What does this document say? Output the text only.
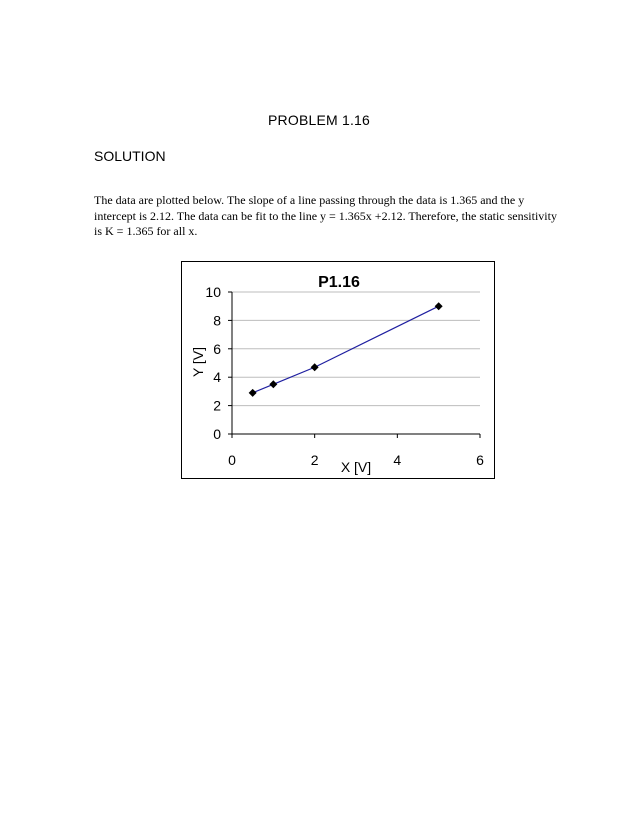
PROBLEM 1.16
SOLUTION
The data are plotted below. The slope of a line passing through the data is 1.365 and the y intercept is 2.12. The data can be fit to the line y = 1.365x +2.12. Therefore, the static sensitivity is K = 1.365 for all x.
0
2
4
6
8
10
0	2	4	6
P1.16
X [V]
Y [V]
